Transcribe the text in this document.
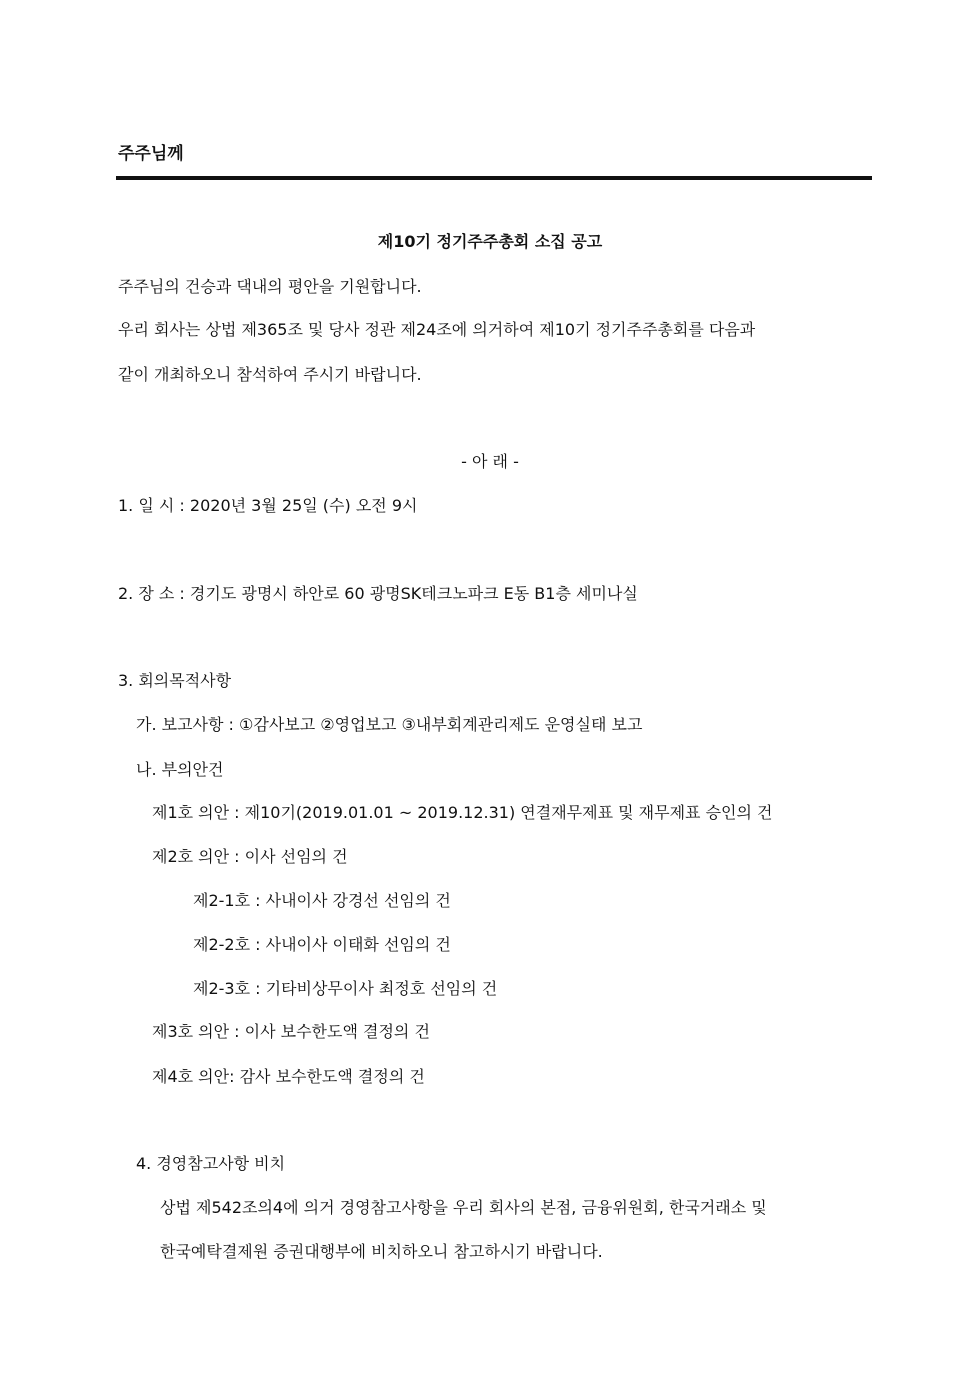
주주님께
제10기 정기주주총회 소집 공고
주주님의 건승과 댁내의 평안을 기원합니다.
우리 회사는 상법 제365조 및 당사 정관 제24조에 의거하여 제10기 정기주주총회를 다음과
같이 개최하오니 참석하여 주시기 바랍니다.
- 아 래 -
1. 일 시 : 2020년 3월 25일 (수) 오전 9시
2. 장 소 : 경기도 광명시 하안로 60 광명SK테크노파크 E동 B1층 세미나실
3. 회의목적사항
가. 보고사항 : ①감사보고 ②영업보고 ③내부회계관리제도 운영실태 보고
나. 부의안건
제1호 의안 : 제10기(2019.01.01 ~ 2019.12.31) 연결재무제표 및 재무제표 승인의 건
제2호 의안 : 이사 선임의 건
제2-1호 : 사내이사 강경선 선임의 건
제2-2호 : 사내이사 이태화 선임의 건
제2-3호 : 기타비상무이사 최정호 선임의 건
제3호 의안 : 이사 보수한도액 결정의 건
제4호 의안: 감사 보수한도액 결정의 건
4. 경영참고사항 비치
상법 제542조의4에 의거 경영참고사항을 우리 회사의 본점, 금융위원회, 한국거래소 및
한국예탁결제원 증권대행부에 비치하오니 참고하시기 바랍니다.
